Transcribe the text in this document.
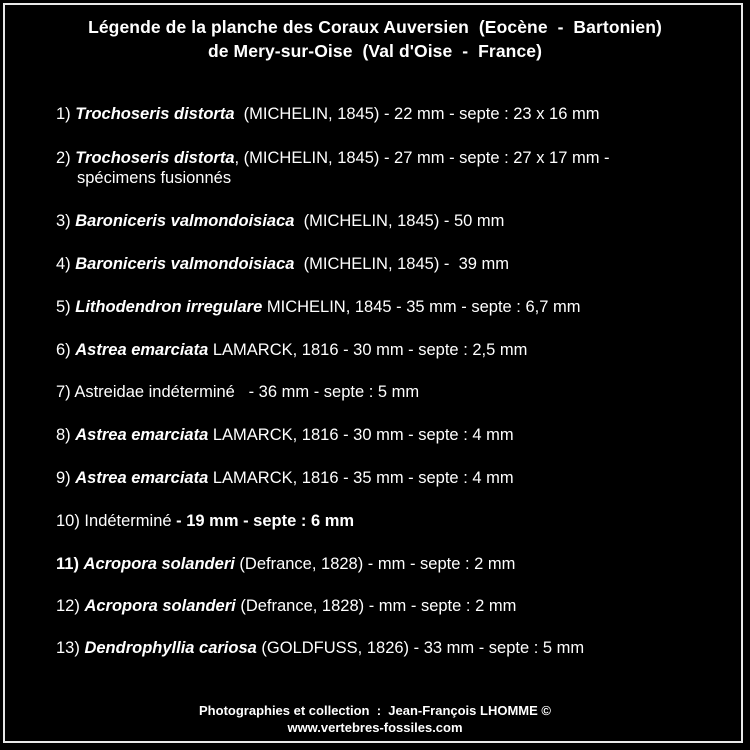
Légende de la planche des Coraux Auversien  (Eocène  -  Bartonien)
de Mery-sur-Oise  (Val d'Oise  -  France)
1) Trochoseris distorta  (MICHELIN, 1845) - 22 mm - septe : 23 x 16 mm
2) Trochoseris distorta, (MICHELIN, 1845) - 27 mm - septe : 27 x 17 mm -
spécimens fusionnés
3) Baroniceris valmondoisiaca  (MICHELIN, 1845) - 50 mm
4) Baroniceris valmondoisiaca  (MICHELIN, 1845) -  39 mm
5) Lithodendron irregulare MICHELIN, 1845 - 35 mm - septe : 6,7 mm
6) Astrea emarciata LAMARCK, 1816 - 30 mm - septe : 2,5 mm
7) Astreidae indéterminé   - 36 mm - septe : 5 mm
8) Astrea emarciata LAMARCK, 1816 - 30 mm - septe : 4 mm
9) Astrea emarciata LAMARCK, 1816 - 35 mm - septe : 4 mm
10) Indéterminé - 19 mm - septe : 6 mm
11) Acropora solanderi (Defrance, 1828) - mm - septe : 2 mm
12) Acropora solanderi (Defrance, 1828) - mm - septe : 2 mm
13) Dendrophyllia cariosa (GOLDFUSS, 1826) - 33 mm - septe : 5 mm
Photographies et collection  :  Jean-François LHOMME ©
www.vertebres-fossiles.com
